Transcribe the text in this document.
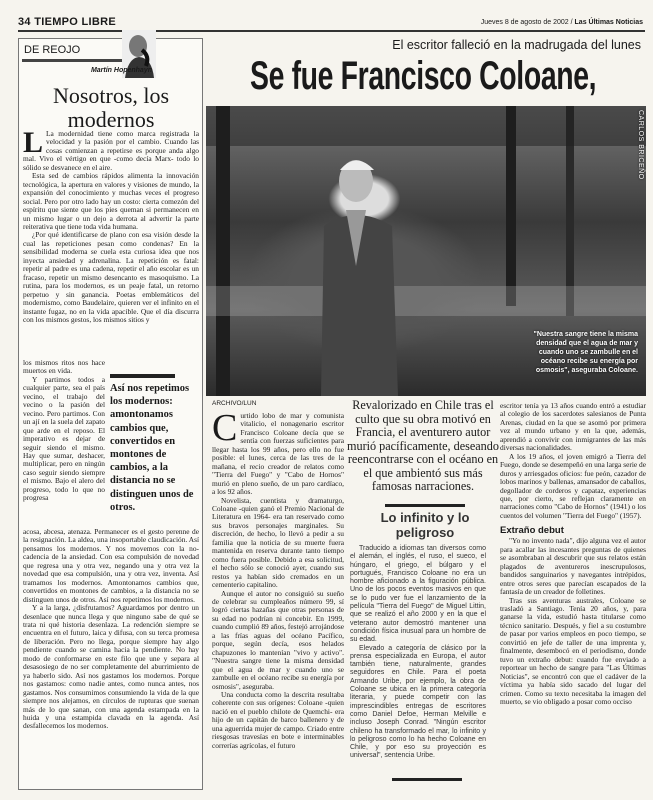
34 TIEMPO LIBRE	Jueves 8 de agosto de 2002 / Las Últimas Noticias
DE REOJO
Martín Hopenhayn
Nosotros, los modernos

L La modernidad tiene como marca registrada la velocidad y la pasión por el cambio. Cuando las cosas comienzan a repetirse es porque anda algo mal. Vivo el vértigo en que -como decía Marx- todo lo sólido se desvanece en el aire.

Esta sed de cambios rápidos alimenta la innovación tecnológica, la apertura en valores y visiones de mundo, la expansión del conocimiento y muchas veces el progreso social. Pero por otro lado hay un costo: cierta comezón del espíritu que siente que los pies queman si permanecen en un mismo lugar o un dejo a derrota al advertir la parte reiterativa que tiene toda vida humana.

¿Por qué identificarse de plano con esa visión desde la cual las repeticiones pesan como condenas? En la sensibilidad moderna se cuela esta curiosa idea que nos inyecta ansiedad y adrenalina. La repetición es fatal: repetir al padre es una cadena, repetir el año escolar es un fracaso, repetir un mismo desencanto es masoquismo. La rutina, para los modernos, es un peaje fatal, un retorno perpetuo y sin ganancia. Poetas emblemáticos del modernismo, como Baudelaire, quieren ver el infinito en el instante fugaz, no en la vida apacible. Que el día discurra con los mismos gestos, los mismos sitios y

los mismos ritos nos hace muertos en vida.

Y partimos todos a cualquier parte, sea el país vecino, el trabajo del vecino o la pasión del vecino. Pero partimos. Con un ají en la suela del zapato que arde en el reposo. El imperativo es dejar de seguir siendo el mismo. Hay que sumar, deshacer, multiplicar, pero en ningún caso seguir siendo siempre el mismo. Bajo el alero del progreso, todo lo que no progresa

Así nos repetimos los modernos: amontonamos cambios que, convertidos en montones de cambios, a la distancia no se distinguen unos de otros.

acosa, abcesa, atenaza. Permanecer es el gesto perenne de la resignación. La aldea, una insoportable claudicación. Así pensamos los modernos. Y nos movemos con la no-cadencia de la ansiedad. Con esa compulsión de novedad que regresa una y otra vez, negando una y otra vez la novedad que esa compulsión, una y otra vez, inventa. Así tramamos los modernos. Amontonamos cambios que, convertidos en montones de cambios, a la distancia no se distinguen unos de otros. Así nos repetimos los modernos.

Y a la larga, ¿disfrutamos? Aguardamos por dentro un desenlace que nunca llega y que ninguno sabe de qué se trata ni qué historia desenlaza. La redención siempre se encuentra en el futuro, laica y difusa, con su terca promesa de liberación. Pero no llega, porque siempre hay algo pendiente cuando se camina hacia la pendiente. No hay modo de conformarse en este filo que une y separa al desasosiego de no ser completamente del aburrimiento de ya haberlo sido. Así nos gastamos los modernos. Porque nos gastamos: como nadie antes, como nunca antes, nos gastamos. Nos consumimos consumiendo la vida de la que siempre nos alejamos, en círculos de rupturas que suenan más de lo que sanan, con una agenda estampada en la huida y una estampida clavada en la agenda. Así desfallecemos los modernos.

El escritor falleció en la madrugada del lunes
Se fue Francisco Coloane,
"Nuestra sangre tiene la misma densidad que el agua de mar y cuando uno se zambulle en el océano recibe su energía por osmosis", aseguraba Coloane.
CARLOS BRICEÑO
ARCHIVO/LUN

Curtido lobo de mar y comunista vitalicio, el nonagenario escritor Francisco Coloane decía que se sentía con fuerzas suficientes para llegar hasta los 99 años, pero ello no fue posible: el lunes, cerca de las tres de la mañana, el recio creador de relatos como "Tierra del Fuego" y "Cabo de Hornos" murió en pleno sueño, de un paro cardíaco, a los 92 años.

Novelista, cuentista y dramaturgo, Coloane -quien ganó el Premio Nacional de Literatura en 1964- era tan reservado como sus bravos personajes marginales. Su discreción, de hecho, lo llevó a pedir a su familia que la noticia de su muerte fuera mantenida en reserva durante tanto tiempo como fuera posible. Debido a esa solicitud, el hecho sólo se conoció ayer, cuando sus restos ya habían sido cremados en un cementerio capitalino.

Aunque el autor no consiguió su sueño de celebrar su cumpleaños número 99, sí logró ciertas hazañas que otras personas de su edad no podrían ni concebir. En 1999, cuando cumplió 89 años, festejó arrojándose a las frías aguas del océano Pacífico, porque, según decía, esos helados chapuzones lo mantenían "vivo y activo". "Nuestra sangre tiene la misma densidad que el agua de mar y cuando uno se zambulle en el océano recibe su energía por osmosis", aseguraba.

Una conducta como la descrita resultaba coherente con sus orígenes: Coloane -quien nació en el pueblo chilote de Quemchi- era hijo de un capitán de barco ballenero y de una aguerrida mujer de campo. Criado entre riesgosas travesías en bote e interminables correrías agrícolas, el futuro

Revalorizado en Chile tras el culto que su obra motivó en Francia, el aventurero autor murió pacíficamente, deseando reencontrarse con el océano en el que ambientó sus más famosas narraciones.
Lo infinito y lo peligroso

Traducido a idiomas tan diversos como el alemán, el inglés, el ruso, el sueco, el húngaro, el griego, el búlgaro y el portugués, Francisco Coloane no era un hombre aficionado a la figuración pública. Uno de los pocos eventos masivos en que se lo pudo ver fue el lanzamiento de la película "Tierra del Fuego" de Miguel Littin, que se realizó el año 2000 y en la que el veterano autor demostró mantener una condición física inusual para un hombre de su edad.

Elevado a categoría de clásico por la prensa especializada en Europa, el autor también tiene, naturalmente, grandes seguidores en Chile. Para el poeta Armando Uribe, por ejemplo, la obra de Coloane se ubica en la primera categoría literaria, y puede competir con las imprescindibles entregas de escritores como Daniel Defoe, Herman Melville e incluso Joseph Conrad. "Ningún escritor chileno ha transformado el mar, lo infinito y lo peligroso como lo ha hecho Coloane en Chile, y por eso su proyección es universal", sentencia Uribe.

escritor tenía ya 13 años cuando entró a estudiar al colegio de los sacerdotes salesianos de Punta Arenas, ciudad en la que se asomó por primera vez al mundo urbano y en la que, además, aprendió a convivir con inmigrantes de las más diversas nacionalidades.

A los 19 años, el joven emigró a Tierra del Fuego, donde se desempeñó en una larga serie de duros y arriesgados oficios: fue peón, cazador de lobos marinos y ballenas, amansador de caballos, degollador de corderos y capataz, experiencias que, por cierto, se reflejan claramente en narraciones como "Cabo de Hornos" (1941) o los cuentos del volumen "Tierra del Fuego" (1957).

Extraño debut

"Yo no invento nada", dijo alguna vez el autor para acallar las incesantes preguntas de quienes se asombraban al descubrir que sus relatos están plagados de aventureros inescrupulosos, bandidos sanguinarios y navegantes intrépidos, entre otros seres que parecían escapados de la fantasía de un creador de folletines.

Tras sus aventuras australes, Coloane se trasladó a Santiago. Tenía 20 años, y, para ganarse la vida, estudió hasta titularse como técnico sanitario. Después, y fiel a su costumbre de pasar por varios empleos en poco tiempo, se convirtió en jefe de taller de una imprenta y, finalmente, desembocó en el periodismo, donde tuvo un extraño debut: cuando fue enviado a reportear un hecho de sangre para "Las Últimas Noticias", se encontró con que el cadáver de la víctima ya había sido sacado del lugar del crimen. Como su texto necesitaba la imagen del muerto, se vio obligado a posar como occiso
